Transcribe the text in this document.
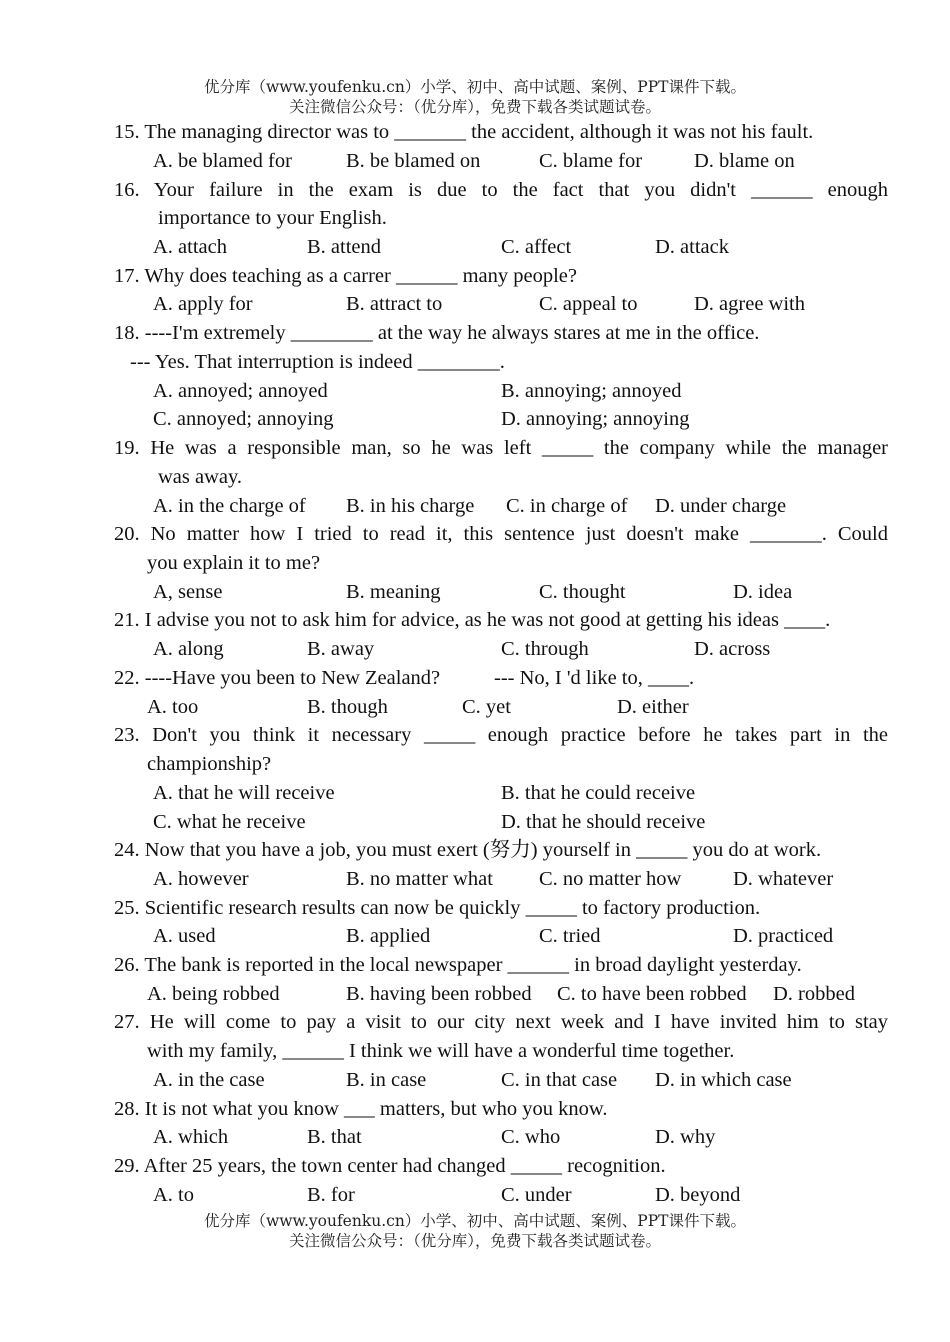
优分库（www.youfenku.cn）小学、初中、高中试题、案例、PPT课件下载。
关注微信公众号：（优分库），免费下载各类试题试卷。
15. The managing director was to _______ the accident, although it was not his fault.
A. be blamed for	B. be blamed on	C. blame for	D. blame on
16. Your failure in the exam is due to the fact that you didn't ______ enough
importance to your English.
A. attach	B. attend	C. affect	D. attack
17. Why does teaching as a carrer ______ many people?
A. apply for	B. attract to	C. appeal to	D. agree with
18. ----I'm extremely ________ at the way he always stares at me in the office.
--- Yes. That interruption is indeed ________.
A. annoyed; annoyed	B. annoying; annoyed
C. annoyed; annoying	D. annoying; annoying
19. He was a responsible man, so he was left _____ the company while the manager
was away.
A. in the charge of B. in his charge C. in charge of D. under charge
20. No matter how I tried to read it, this sentence just doesn't make _______. Could
you explain it to me?
A, sense	B. meaning	C. thought	D. idea
21. I advise you not to ask him for advice, as he was not good at getting his ideas ____.
A. along	B. away	C. through	D. across
22. ----Have you been to New Zealand?	--- No, I 'd like to, ____.
A. too	B. though	C. yet	D. either
23. Don't you think it necessary _____ enough practice before he takes part in the
championship?
A. that he will receive	B. that he could receive
C. what he receive	D. that he should receive
24. Now that you have a job, you must exert (努力) yourself in _____ you do at work.
A. however	B. no matter what C. no matter how	D. whatever
25. Scientific research results can now be quickly _____ to factory production.
A. used	B. applied	C. tried	D. practiced
26. The bank is reported in the local newspaper ______ in broad daylight yesterday.
A. being robbed	B. having been robbed C. to have been robbed D. robbed
27. He will come to pay a visit to our city next week and I have invited him to stay
with my family, ______ I think we will have a wonderful time together.
A. in the case	B. in case	C. in that case D. in which case
28. It is not what you know ___ matters, but who you know.
A. which	B. that	C. who	D. why
29. After 25 years, the town center had changed _____ recognition.
A. to	B. for	C. under	D. beyond
优分库（www.youfenku.cn）小学、初中、高中试题、案例、PPT课件下载。
关注微信公众号：（优分库），免费下载各类试题试卷。
